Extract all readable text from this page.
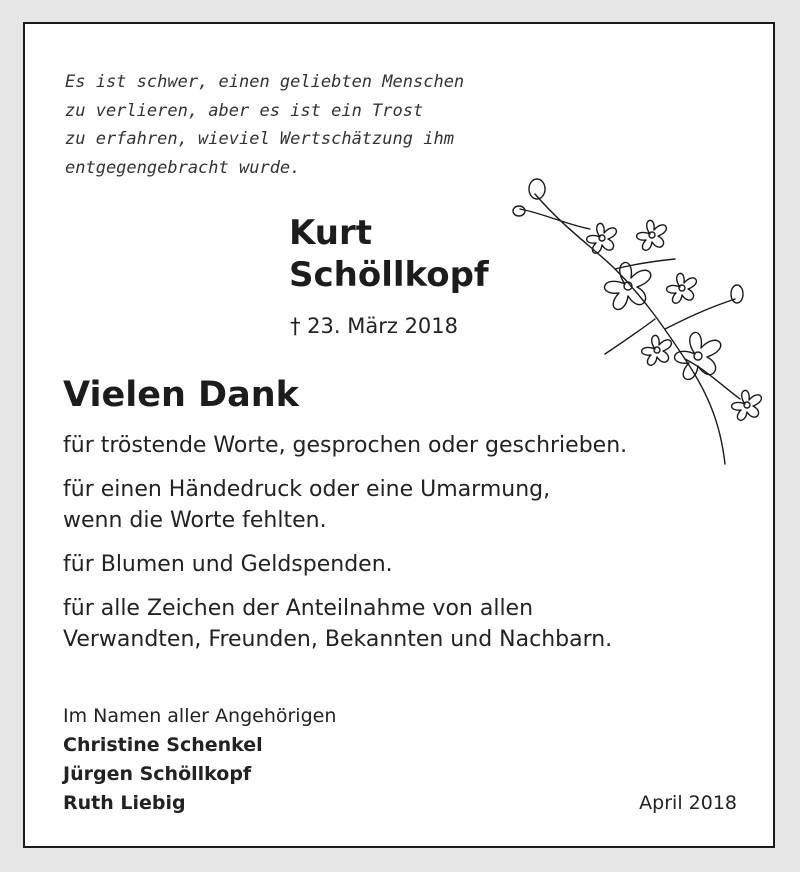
Es ist schwer, einen geliebten Menschen
zu verlieren, aber es ist ein Trost
zu erfahren, wieviel Wertschätzung ihm
entgegengebracht wurde.
Kurt
Schöllkopf
† 23. März 2018
Vielen Dank

für tröstende Worte, gesprochen oder geschrieben.

für einen Händedruck oder eine Umarmung,
wenn die Worte fehlten.

für Blumen und Geldspenden.

für alle Zeichen der Anteilnahme von allen
Verwandten, Freunden, Bekannten und Nachbarn.

Im Namen aller Angehörigen
Christine Schenkel
Jürgen Schöllkopf
Ruth Liebig	April 2018
